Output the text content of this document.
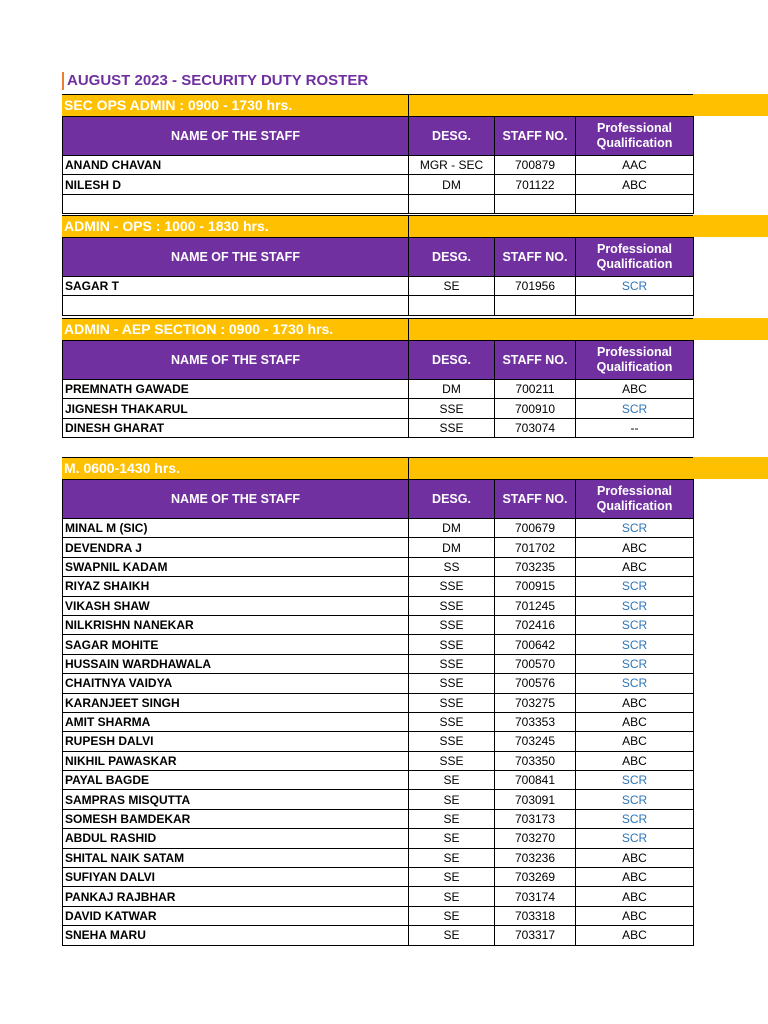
AUGUST 2023 - SECURITY DUTY ROSTER
SEC OPS ADMIN : 0900 - 1730 hrs.
NAME OF THE STAFF	DESG.	STAFF NO.	Professional
Qualification
ANAND CHAVAN	MGR - SEC	700879	AAC
NILESH D	DM	701122	ABC

ADMIN - OPS : 1000 - 1830 hrs.
NAME OF THE STAFF	DESG.	STAFF NO.	Professional
Qualification
SAGAR T	SE	701956	SCR

ADMIN - AEP SECTION : 0900 - 1730 hrs.
NAME OF THE STAFF	DESG.	STAFF NO.	Professional
Qualification
PREMNATH GAWADE	DM	700211	ABC
JIGNESH THAKARUL	SSE	700910	SCR
DINESH GHARAT	SSE	703074	--
M. 0600-1430 hrs.
NAME OF THE STAFF	DESG.	STAFF NO.	Professional
Qualification
MINAL M (SIC)	DM	700679	SCR
DEVENDRA J	DM	701702	ABC
SWAPNIL KADAM	SS	703235	ABC
RIYAZ SHAIKH	SSE	700915	SCR
VIKASH SHAW	SSE	701245	SCR
NILKRISHN NANEKAR	SSE	702416	SCR
SAGAR MOHITE	SSE	700642	SCR
HUSSAIN WARDHAWALA	SSE	700570	SCR
CHAITNYA VAIDYA	SSE	700576	SCR
KARANJEET SINGH	SSE	703275	ABC
AMIT SHARMA	SSE	703353	ABC
RUPESH DALVI	SSE	703245	ABC
NIKHIL PAWASKAR	SSE	703350	ABC
PAYAL BAGDE	SE	700841	SCR
SAMPRAS MISQUTTA	SE	703091	SCR
SOMESH BAMDEKAR	SE	703173	SCR
ABDUL RASHID	SE	703270	SCR
SHITAL NAIK SATAM	SE	703236	ABC
SUFIYAN DALVI	SE	703269	ABC
PANKAJ RAJBHAR	SE	703174	ABC
DAVID KATWAR	SE	703318	ABC
SNEHA MARU	SE	703317	ABC
